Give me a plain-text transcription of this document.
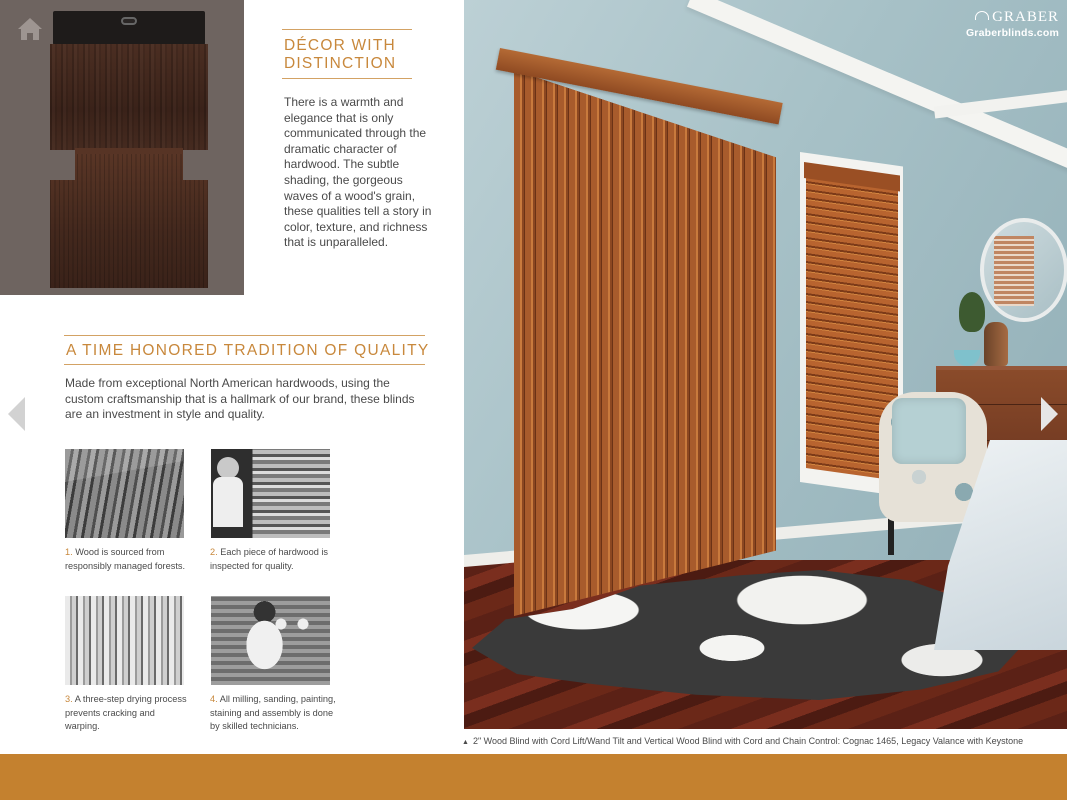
DÉCOR WITH DISTINCTION

There is a warmth and elegance that is only communicated through the dramatic character of hardwood. The subtle shading, the gorgeous waves of a wood's grain, these qualities tell a story in color, texture, and richness that is unparalleled.

A TIME HONORED TRADITION OF QUALITY

Made from exceptional North American hardwoods, using the custom craftsmanship that is a hallmark of our brand, these blinds are an investment in style and quality.

1. Wood is sourced from responsibly managed forests.

2. Each piece of hardwood is inspected for quality.

3. A three-step drying process prevents cracking and warping.

4. All milling, sanding, painting, staining and assembly is done by skilled technicians.

GRABER
Graberblinds.com

▲ 2" Wood Blind with Cord Lift/Wand Tilt and Vertical Wood Blind with Cord and Chain Control: Cognac 1465, Legacy Valance with Keystone
